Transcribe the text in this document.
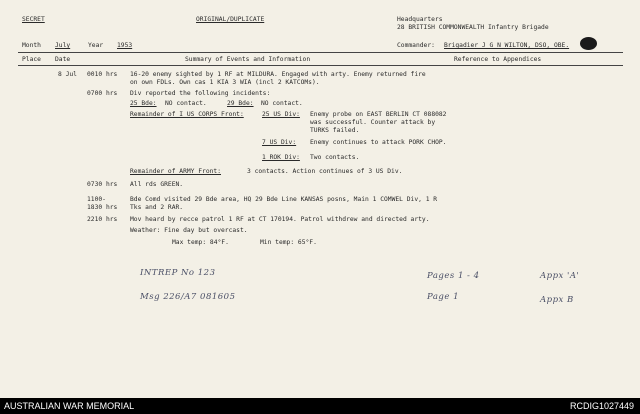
SECRET	ORIGINAL/DUPLICATE	Headquarters
28 BRITISH COMMONWEALTH Infantry Brigade
Month July	Year 1953	Commander: Brigadier J G N WILTON, DSO, OBE.
Place Date	Summary of Events and Information	Reference to Appendices
8 Jul 0010 hrs 16-20 enemy sighted by 1 RF at MILDURA. Engaged with arty. Enemy returned fire
on own FDLs. Own cas 1 KIA 3 WIA (incl 2 KATCOMs).
0700 hrs Div reported the following incidents:
25 Bde: NO contact.	29 Bde: NO contact.
Remainder of I US CORPS Front:	25 US Div: Enemy probe on EAST BERLIN CT 088082
was successful. Counter attack by
TURKS failed.
7 US Div: Enemy continues to attack PORK CHOP.
1 ROK Div: Two contacts.
Remainder of ARMY Front:	3 contacts. Action continues of 3 US Div.
0730 hrs All rds GREEN.
1100-
1830 hrs
Bde Comd visited 29 Bde area, HQ 29 Bde Line KANSAS posns, Main 1 COMWEL Div, 1 R
Tks and 2 RAR.
2210 hrs Mov heard by recce patrol 1 RF at CT 170194. Patrol withdrew and directed arty.
Weather: Fine day but overcast.
Max temp: 84°F.	Min temp: 65°F.
INTREP No 123
Msg 226/A7 081605
Pages 1 - 4
Page 1
Appx 'A'
Appx B
AUSTRALIAN WAR MEMORIAL	RCDIG1027449
